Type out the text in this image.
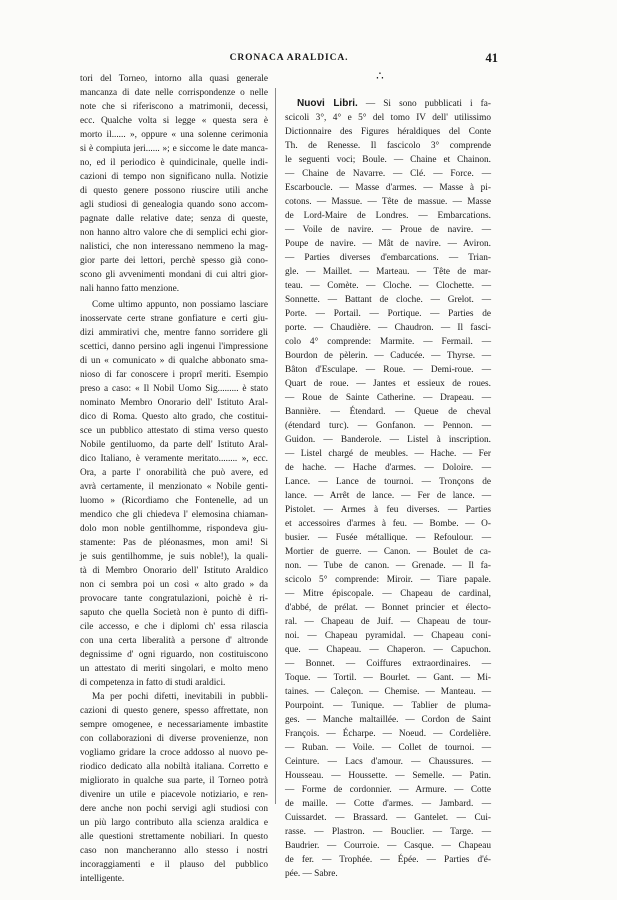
CRONACA ARALDICA.	41
∴

tori del Torneo, intorno alla quasi generale

mancanza di date nelle corrispondenze o nelle

note che si riferiscono a matrimonii, decessi,

ecc. Qualche volta si legge « questa sera è

morto il...... », oppure « una solenne cerimonia

si è compiuta jeri...... »; e siccome le date manca-

no, ed il periodico è quindicinale, quelle indi-

cazioni di tempo non significano nulla. Notizie

di questo genere possono riuscire utili anche

agli studiosi di genealogia quando sono accom-

pagnate dalle relative date; senza di queste,

non hanno altro valore che di semplici echi gior-

nalistici, che non interessano nemmeno la mag-

gior parte dei lettori, perchè spesso già cono-

scono gli avvenimenti mondani di cui altri gior-

nali hanno fatto menzione.

Come ultimo appunto, non possiamo lasciare

inosservate certe strane gonfiature e certi giu-

dizi ammirativi che, mentre fanno sorridere gli

scettici, danno persino agli ingenui l'impressione

di un « comunicato » di qualche abbonato sma-

nioso di far conoscere i proprî meriti. Esempio

preso a caso: « Il Nobil Uomo Sig......... è stato

nominato Membro Onorario dell' Istituto Aral-

dico di Roma. Questo alto grado, che costitui-

sce un pubblico attestato di stima verso questo

Nobile gentiluomo, da parte dell' Istituto Aral-

dico Italiano, è veramente meritato........ », ecc.

Ora, a parte l' onorabilità che può avere, ed

avrà certamente, il menzionato « Nobile genti-

luomo » (Ricordiamo che Fontenelle, ad un

mendico che gli chiedeva l' elemosina chiaman-

dolo mon noble gentilhomme, rispondeva giu-

stamente: Pas de pléonasmes, mon ami! Si

je suis gentilhomme, je suis noble!), la quali-

tà di Membro Onorario dell' Istituto Araldico

non ci sembra poi un così « alto grado » da

provocare tante congratulazioni, poichè è ri-

saputo che quella Società non è punto di diffi-

cile accesso, e che i diplomi ch' essa rilascia

con una certa liberalità a persone d' altronde

degnissime d' ogni riguardo, non costituiscono

un attestato di meriti singolari, e molto meno

di competenza in fatto di studi araldici.

Ma per pochi difetti, inevitabili in pubbli-

cazioni di questo genere, spesso affrettate, non

sempre omogenee, e necessariamente imbastite

con collaborazioni di diverse provenienze, non

vogliamo gridare la croce addosso al nuovo pe-

riodico dedicato alla nobiltà italiana. Corretto e

migliorato in qualche sua parte, il Torneo potrà

divenire un utile e piacevole notiziario, e ren-

dere anche non pochi servigi agli studiosi con

un più largo contributo alla scienza araldica e

alle questioni strettamente nobiliari. In questo

caso non mancheranno allo stesso i nostri

incoraggiamenti e il plauso del pubblico

intelligente.

Nuovi Libri. — Si sono pubblicati i fa-

scicoli 3°, 4° e 5° del tomo IV dell' utilissimo

Dictionnaire des Figures héraldiques del Conte

Th. de Renesse. Il fascicolo 3° comprende

le seguenti voci; Boule. — Chaine et Chainon.

— Chaine de Navarre. — Clé. — Force. —

Escarboucle. — Masse d'armes. — Masse à pi-

cotons. — Massue. — Tête de massue. — Masse

de Lord-Maire de Londres. — Embarcations.

— Voile de navire. — Proue de navire. —

Poupe de navire. — Mât de navire. — Aviron.

— Parties diverses d'embarcations. — Trian-

gle. — Maillet. — Marteau. — Tête de mar-

teau. — Comète. — Cloche. — Clochette. —

Sonnette. — Battant de cloche. — Grelot. —

Porte. — Portail. — Portique. — Parties de

porte. — Chaudière. — Chaudron. — Il fasci-

colo 4° comprende: Marmite. — Fermail. —

Bourdon de pèlerin. — Caducée. — Thyrse. —

Bâton d'Esculape. — Roue. — Demi-roue. —

Quart de roue. — Jantes et essieux de roues.

— Roue de Sainte Catherine. — Drapeau. —

Bannière. — Étendard. — Queue de cheval

(étendard turc). — Gonfanon. — Pennon. —

Guidon. — Banderole. — Listel à inscription.

— Listel chargé de meubles. — Hache. — Fer

de hache. — Hache d'armes. — Doloire. —

Lance. — Lance de tournoi. — Tronçons de

lance. — Arrêt de lance. — Fer de lance. —

Pistolet. — Armes à feu diverses. — Parties

et accessoires d'armes à feu. — Bombe. — O-

busier. — Fusée métallique. — Refoulour. —

Mortier de guerre. — Canon. — Boulet de ca-

non. — Tube de canon. — Grenade. — Il fa-

scicolo 5° comprende: Miroir. — Tiare papale.

— Mitre épiscopale. — Chapeau de cardinal,

d'abbé, de prélat. — Bonnet princier et électo-

ral. — Chapeau de Juif. — Chapeau de tour-

noi. — Chapeau pyramidal. — Chapeau coni-

que. — Chapeau. — Chaperon. — Capuchon.

— Bonnet. — Coiffures extraordinaires. —

Toque. — Tortil. — Bourlet. — Gant. — Mi-

taines. — Caleçon. — Chemise. — Manteau. —

Pourpoint. — Tunique. — Tablier de pluma-

ges. — Manche maltaillée. — Cordon de Saint

François. — Écharpe. — Noeud. — Cordelière.

— Ruban. — Voile. — Collet de tournoi. —

Ceinture. — Lacs d'amour. — Chaussures. —

Housseau. — Houssette. — Semelle. — Patin.

— Forme de cordonnier. — Armure. — Cotte

de maille. — Cotte d'armes. — Jambard. —

Cuissardet. — Brassard. — Gantelet. — Cui-

rasse. — Plastron. — Bouclier. — Targe. —

Baudrier. — Courroie. — Casque. — Chapeau

de fer. — Trophée. — Épée. — Parties d'é-

pée. — Sabre.
